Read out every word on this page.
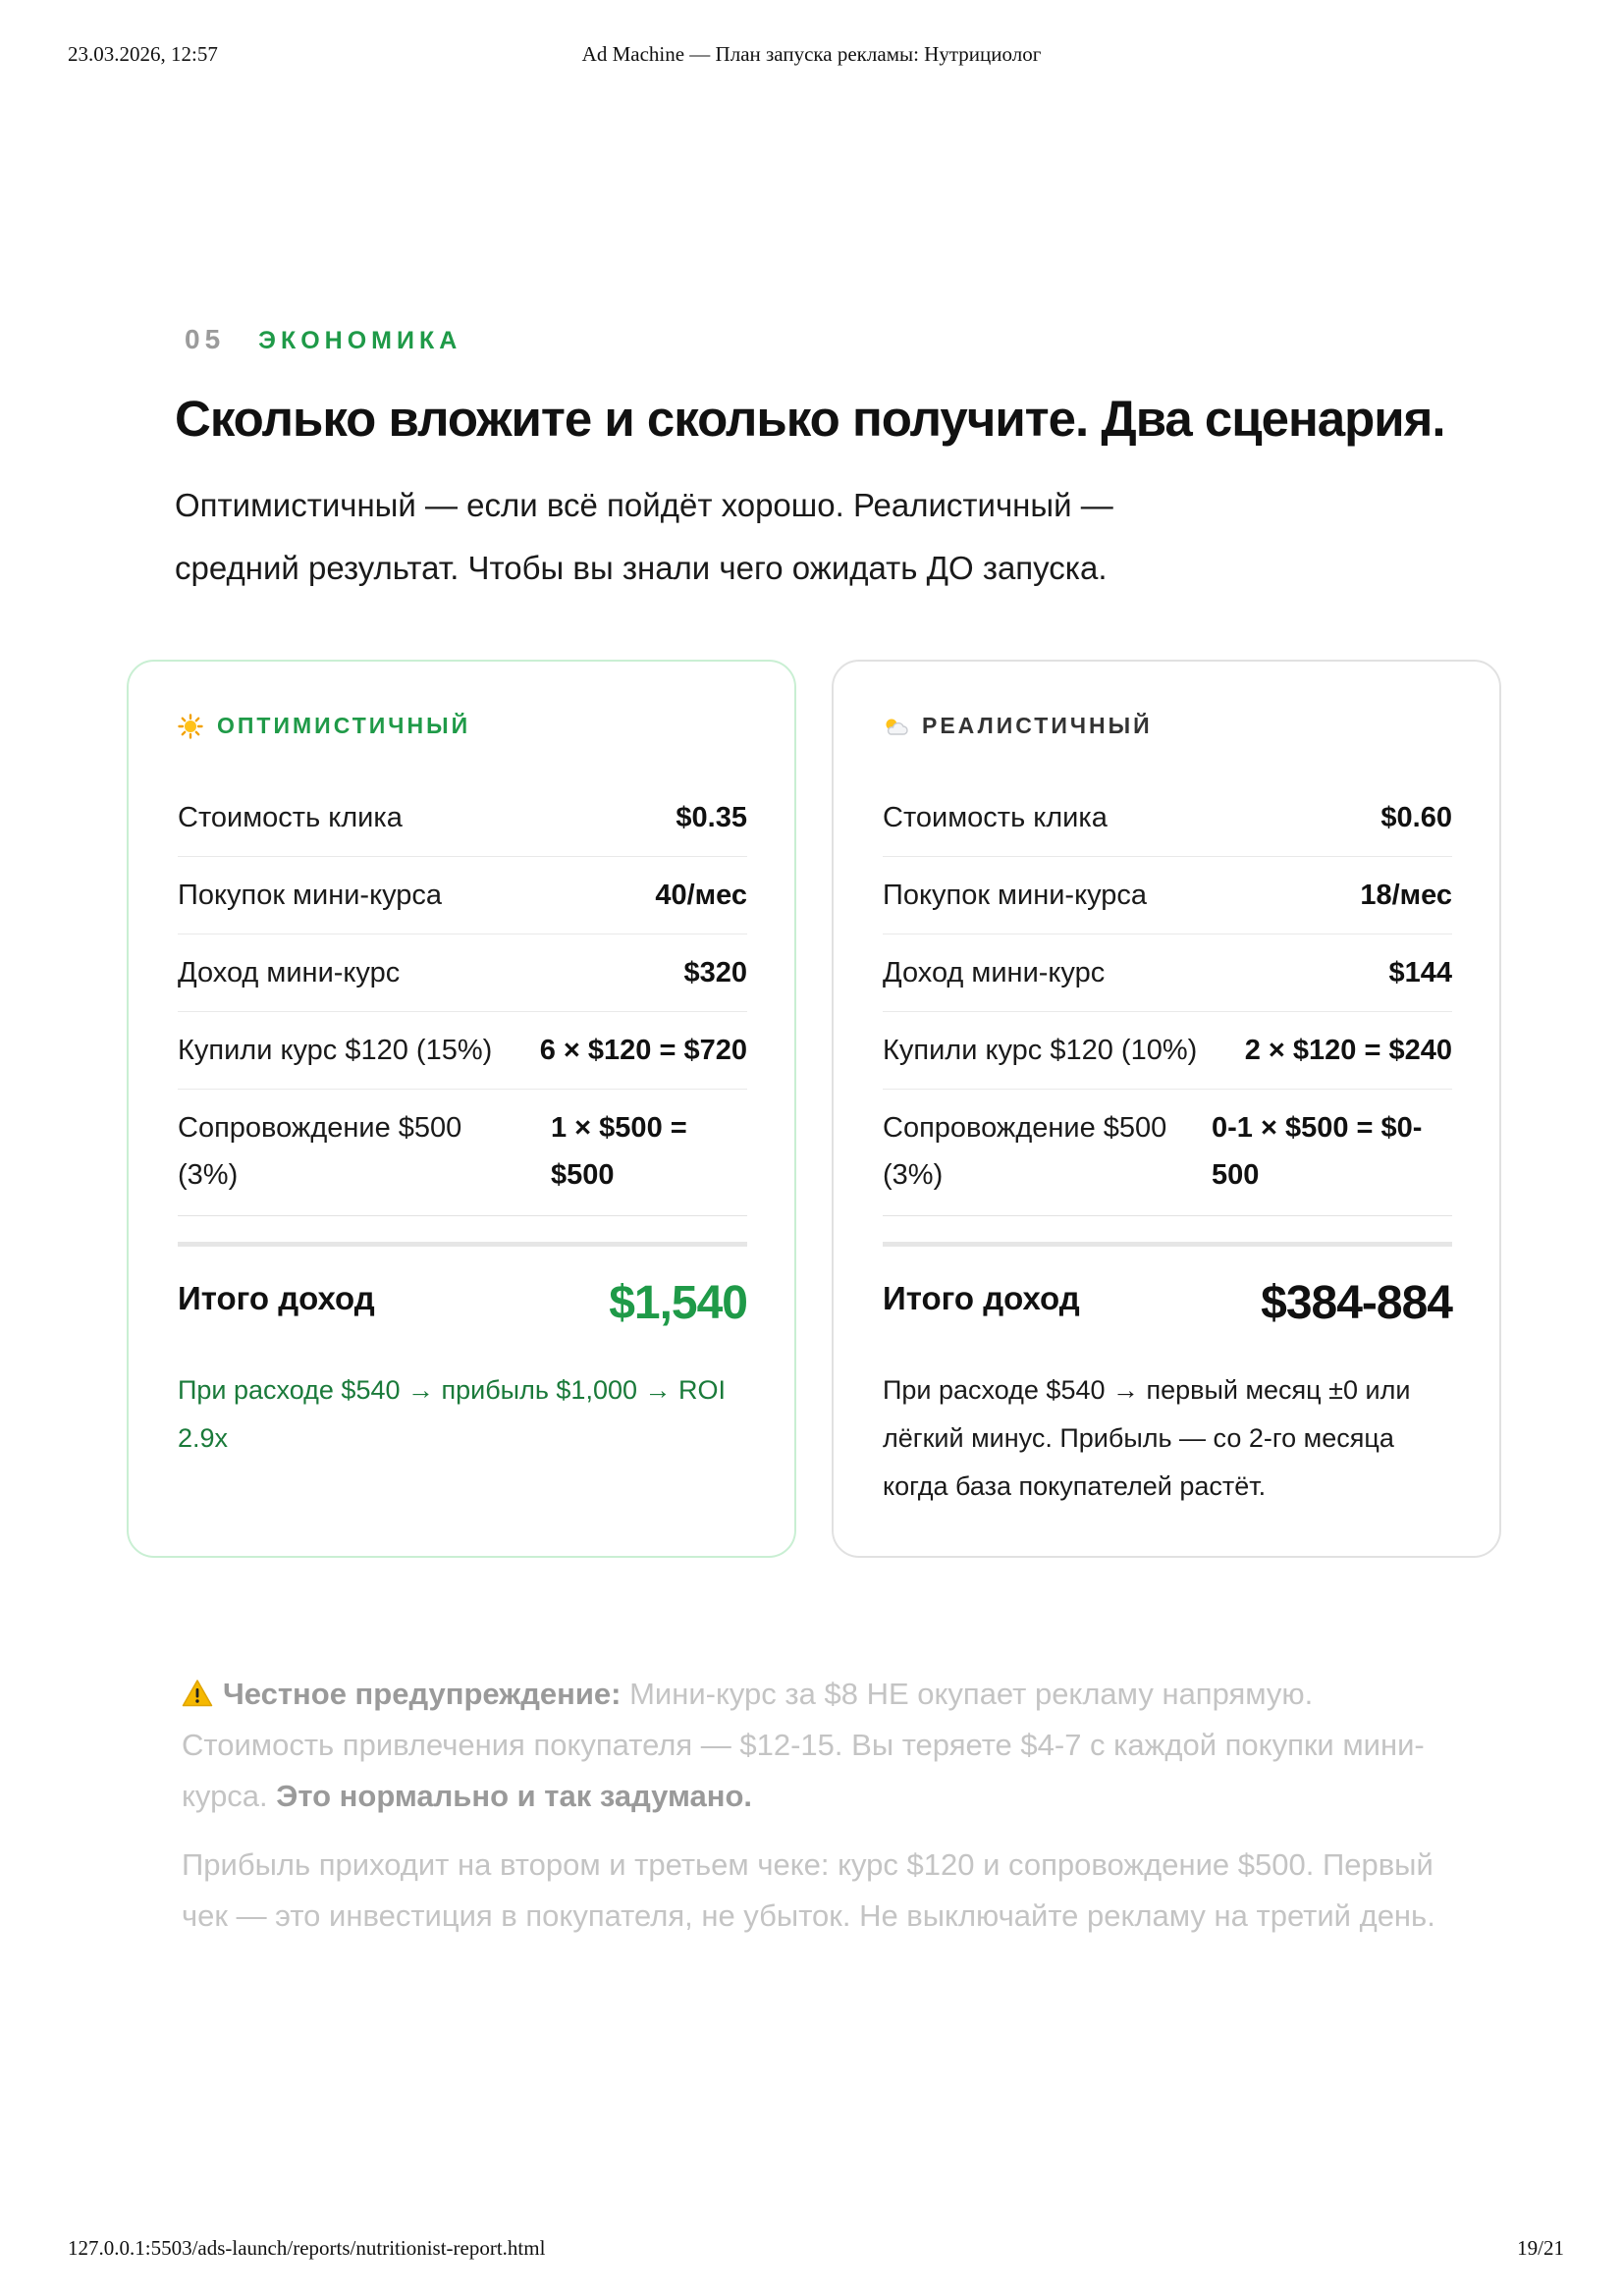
23.03.2026, 12:57	Ad Machine — План запуска рекламы: Нутрициолог
05 ЭКОНОМИКА
Сколько вложите и сколько получите. Два сценария.

Оптимистичный — если всё пойдёт хорошо. Реалистичный —
средний результат. Чтобы вы знали чего ожидать ДО запуска.

ОПТИМИСТИЧНЫЙ
Стоимость клика	$0.35
Покупок мини-курса	40/мес
Доход мини-курс	$320
Купили курс $120 (15%) 6 × $120 = $720
Сопровождение $500 (3%)
1 × $500 = $500
Итого доход	$1,540
При расходе $540 → прибыль $1,000 → ROI 2.9x
РЕАЛИСТИЧНЫЙ
Стоимость клика	$0.60
Покупок мини-курса	18/мес
Доход мини-курс	$144
Купили курс $120 (10%) 2 × $120 = $240
Сопровождение $500 (3%)
0-1 × $500 = $0-500
Итого доход	$384-884
При расходе $540 → первый месяц ±0 или лёгкий минус. Прибыль — со 2-го месяца когда база покупателей растёт.

Честное предупреждение: Мини-курс за $8 НЕ окупает рекламу напрямую. Стоимость привлечения покупателя — $12-15. Вы теряете $4-7 с каждой покупки мини-курса. Это нормально и так задумано.

Прибыль приходит на втором и третьем чеке: курс $120 и сопровождение $500. Первый чек — это инвестиция в покупателя, не убыток. Не выключайте рекламу на третий день.

127.0.0.1:5503/ads-launch/reports/nutritionist-report.html	19/21
